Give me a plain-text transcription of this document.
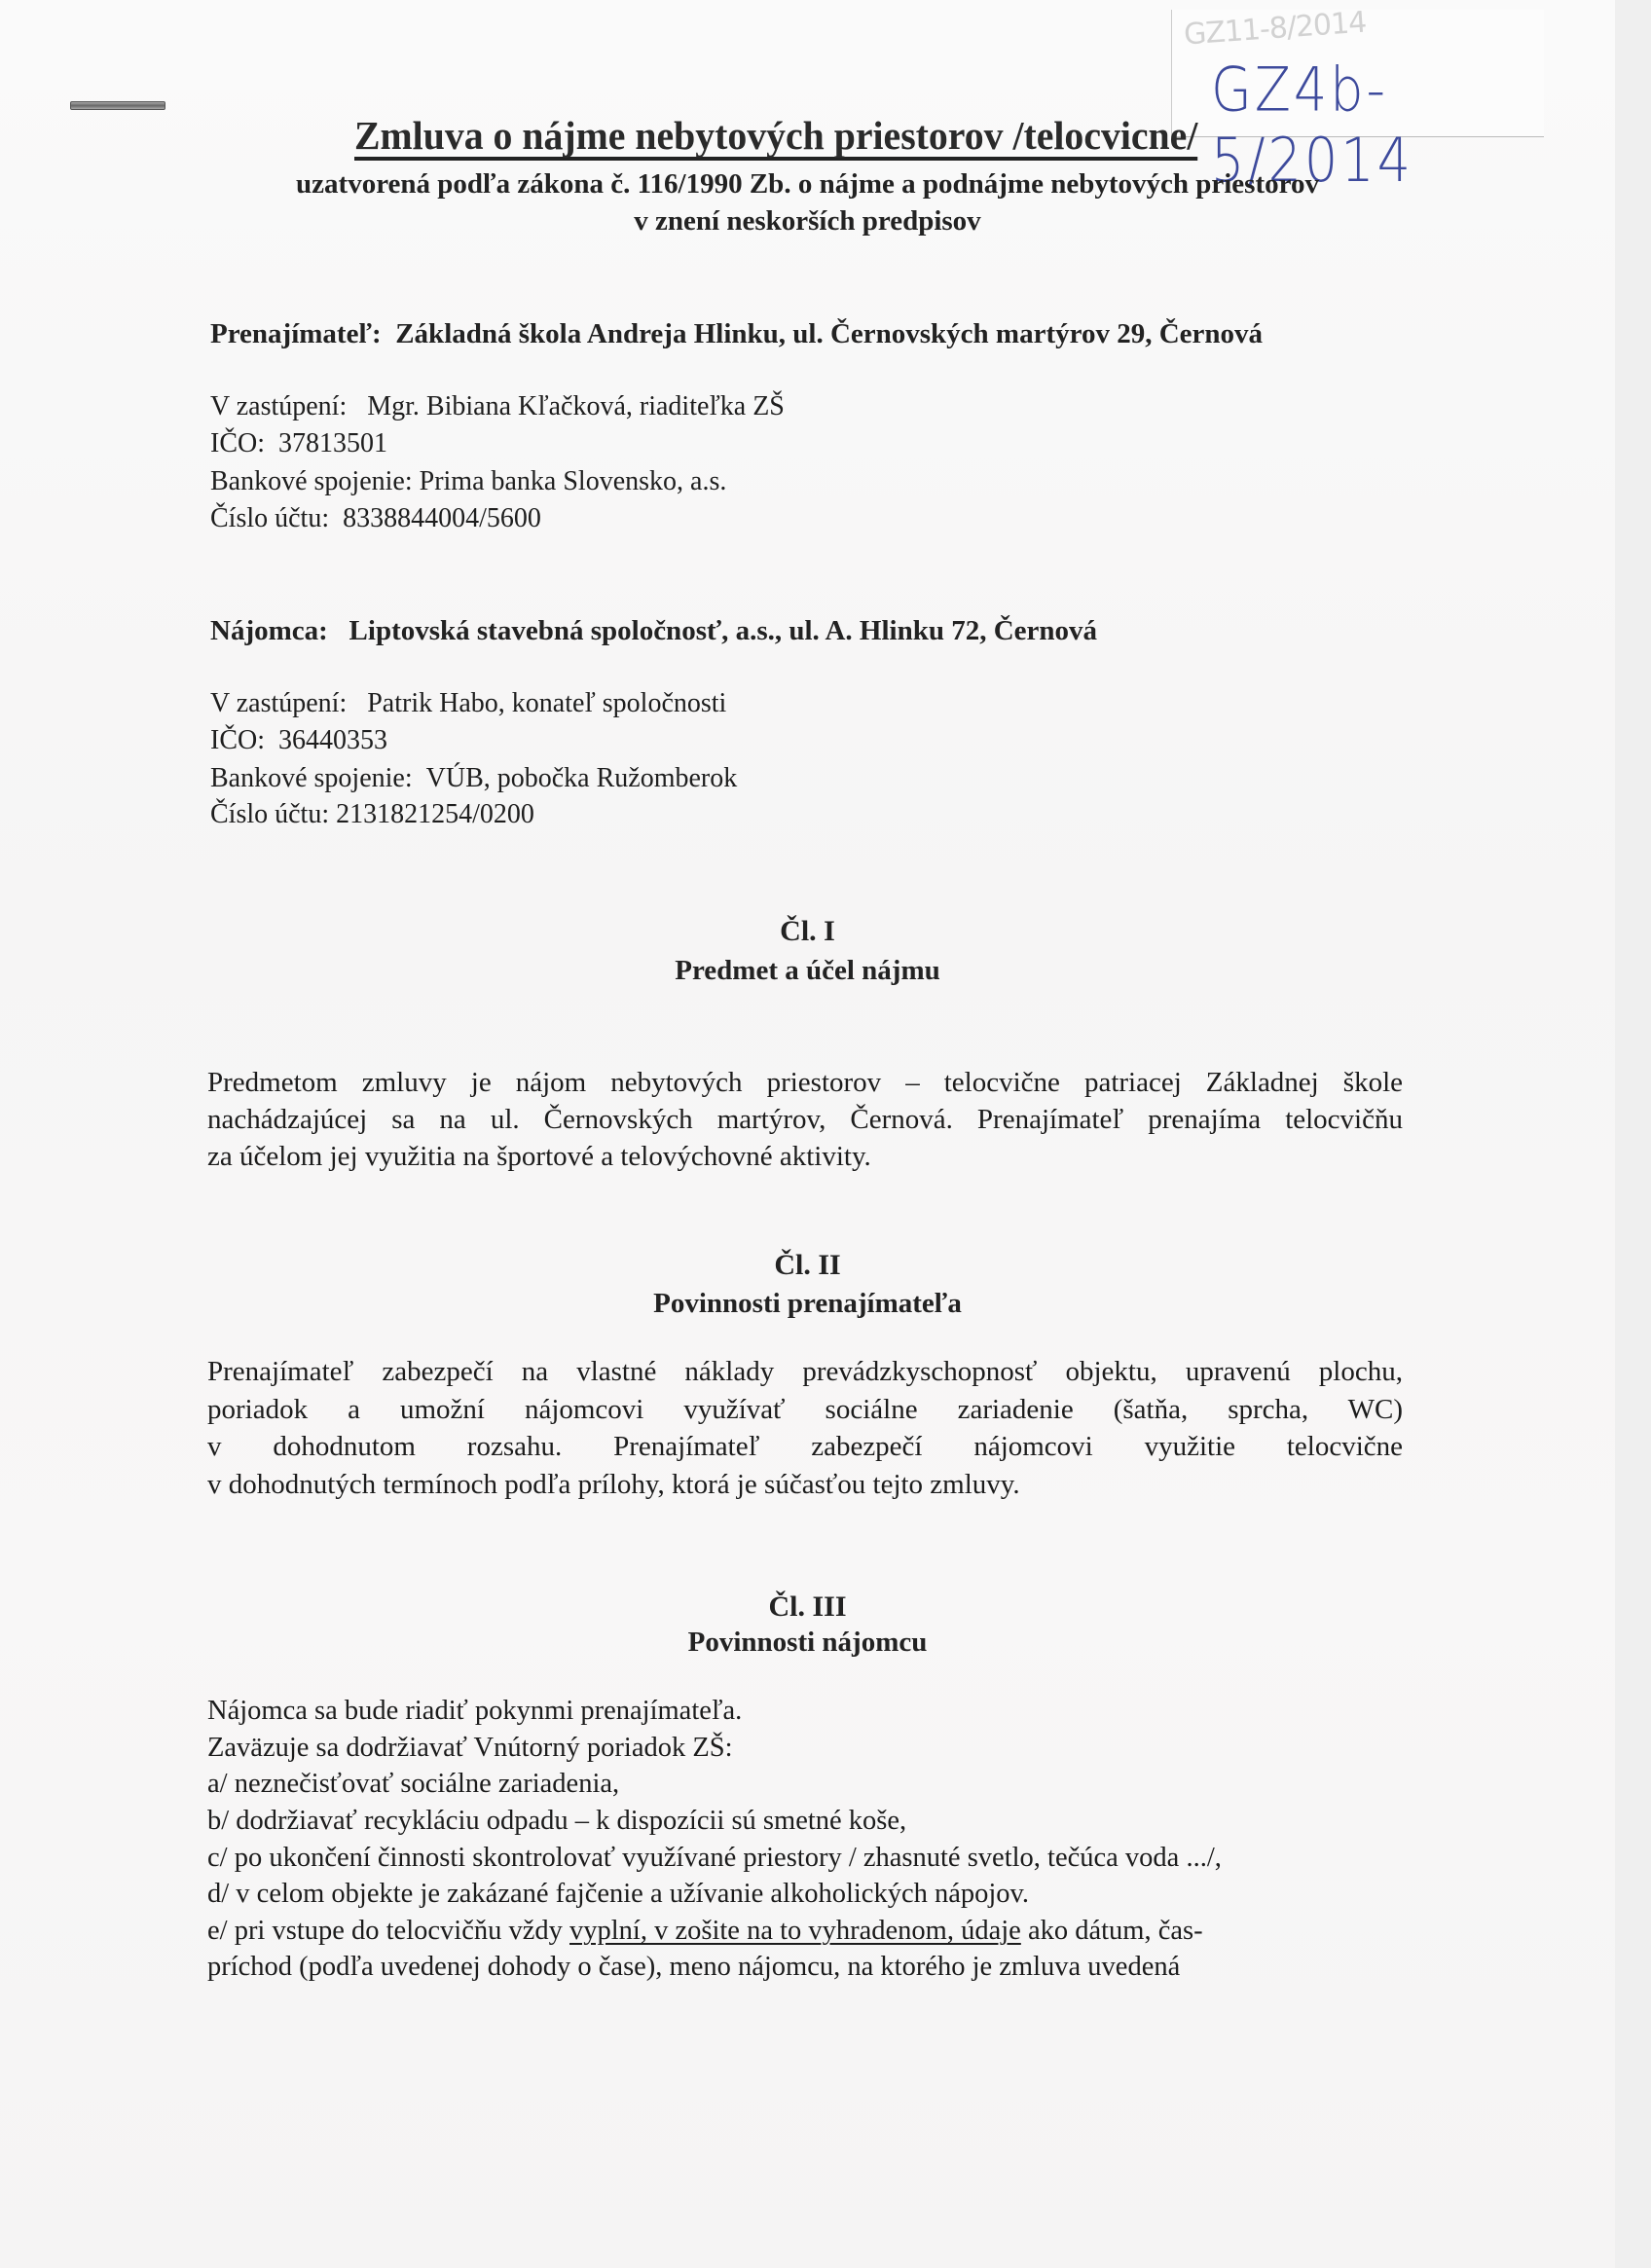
GZ11-8/2014
GZ4b-5/2014
Zmluva o nájme nebytových priestorov /telocvicne/
uzatvorená podľa zákona č. 116/1990 Zb. o nájme a podnájme nebytových priestorov
v znení neskorších predpisov
Prenajímateľ: Základná škola Andreja Hlinku, ul. Černovských martýrov 29, Černová
V zastúpení: Mgr. Bibiana Kľačková, riaditeľka ZŠ
IČO: 37813501
Bankové spojenie: Prima banka Slovensko, a.s.
Číslo účtu: 8338844004/5600
Nájomca: Liptovská stavebná spoločnosť, a.s., ul. A. Hlinku 72, Černová
V zastúpení: Patrik Habo, konateľ spoločnosti
IČO: 36440353
Bankové spojenie: VÚB, pobočka Ružomberok
Číslo účtu: 2131821254/0200
Čl. I
Predmet a účel nájmu
Predmetom zmluvy je nájom nebytových priestorov – telocvične patriacej Základnej škole
nachádzajúcej sa na ul. Černovských martýrov, Černová. Prenajímateľ prenajíma telocvičňu
za účelom jej využitia na športové a telovýchovné aktivity.
Čl. II
Povinnosti prenajímateľa
Prenajímateľ zabezpečí na vlastné náklady prevádzkyschopnosť objektu, upravenú plochu,
poriadok a umožní nájomcovi využívať sociálne zariadenie (šatňa, sprcha, WC)
v dohodnutom rozsahu. Prenajímateľ zabezpečí nájomcovi využitie telocvične
v dohodnutých termínoch podľa prílohy, ktorá je súčasťou tejto zmluvy.
Čl. III
Povinnosti nájomcu
Nájomca sa bude riadiť pokynmi prenajímateľa.
Zaväzuje sa dodržiavať Vnútorný poriadok ZŠ:
a/ neznečisťovať sociálne zariadenia,
b/ dodržiavať recykláciu odpadu – k dispozícii sú smetné koše,
c/ po ukončení činnosti skontrolovať využívané priestory / zhasnuté svetlo, tečúca voda .../,
d/ v celom objekte je zakázané fajčenie a užívanie alkoholických nápojov.
e/ pri vstupe do telocvičňu vždy vyplní, v zošite na to vyhradenom, údaje ako dátum, čas-
príchod (podľa uvedenej dohody o čase), meno nájomcu, na ktorého je zmluva uvedená
